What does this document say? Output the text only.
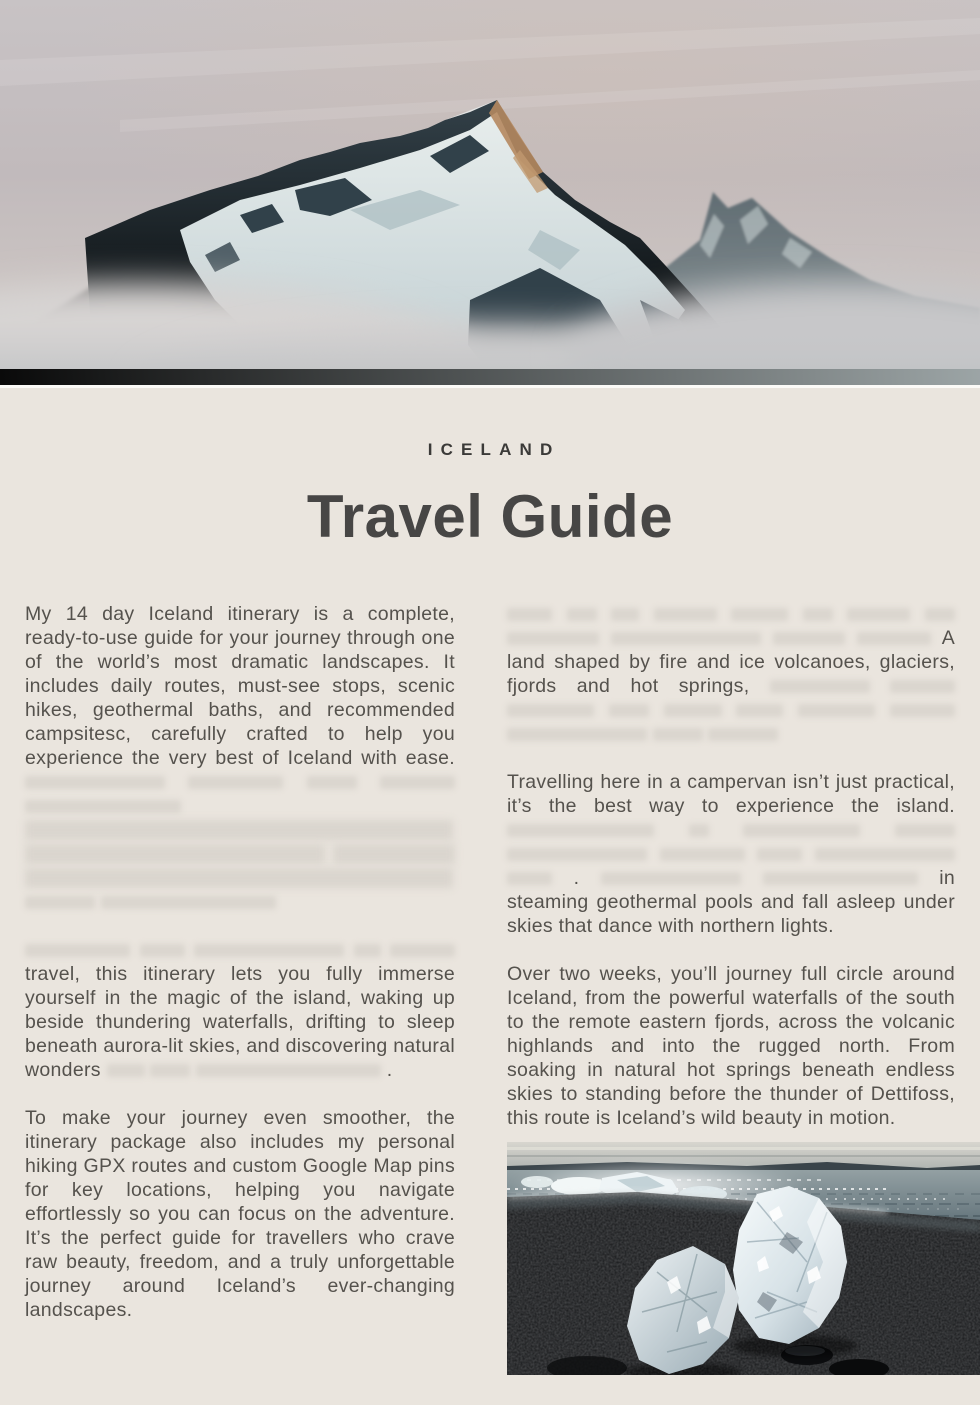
ICELAND
Travel Guide

My 14 day Iceland itinerary is a complete, ready-to-use guide for your journey through one of the world’s most dramatic landscapes. It includes daily routes, must-see stops, scenic hikes, geothermal baths, and recommended campsitesc, carefully crafted to help you experience the very best of Iceland with ease.

travel, this itinerary lets you fully immerse yourself in the magic of the island, waking up beside thundering waterfalls, drifting to sleep beneath aurora-lit skies, and discovering natural wonders	.

To make your journey even smoother, the itinerary package also includes my personal hiking GPX routes and custom Google Map pins for key locations, helping you navigate effortlessly so you can focus on the adventure. It’s the perfect guide for travellers who crave raw beauty, freedom, and a truly unforgettable journey around Iceland’s ever-changing landscapes.

A land shaped by fire and ice volcanoes, glaciers, fjords and hot springs,

Travelling here in a campervan isn’t just practical, it’s the best way to experience the island.          .	in steaming geothermal pools and fall asleep under skies that dance with northern lights.

Over two weeks, you’ll journey full circle around Iceland, from the powerful waterfalls of the south to the remote eastern fjords, across the volcanic highlands and into the rugged north. From soaking in natural hot springs beneath endless skies to standing before the thunder of Dettifoss, this route is Iceland’s wild beauty in motion.
